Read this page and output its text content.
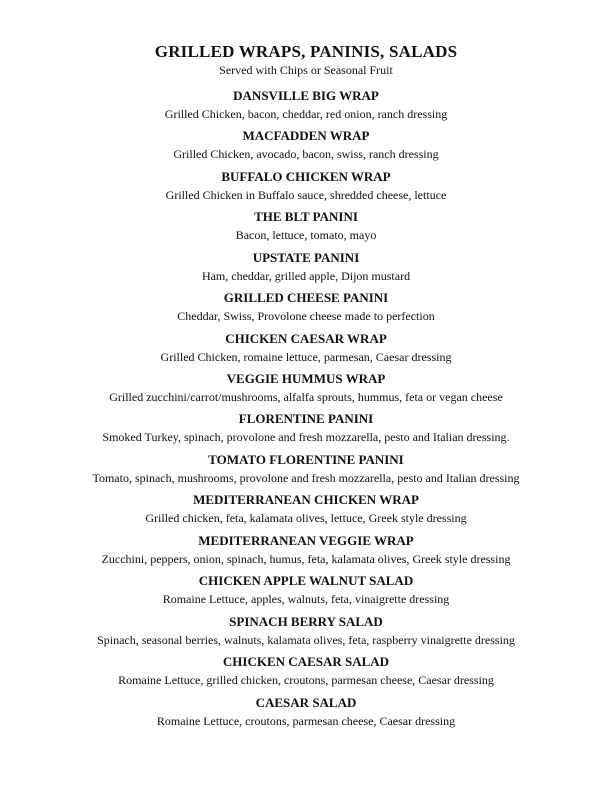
GRILLED WRAPS, PANINIS, SALADS
Served with Chips or Seasonal Fruit
DANSVILLE BIG WRAP
Grilled Chicken, bacon, cheddar, red onion, ranch dressing
MACFADDEN WRAP
Grilled Chicken, avocado, bacon, swiss, ranch dressing
BUFFALO CHICKEN WRAP
Grilled Chicken in Buffalo sauce, shredded cheese, lettuce
THE BLT PANINI
Bacon, lettuce, tomato, mayo
UPSTATE PANINI
Ham, cheddar, grilled apple, Dijon mustard
GRILLED CHEESE PANINI
Cheddar, Swiss, Provolone cheese made to perfection
CHICKEN CAESAR WRAP
Grilled Chicken, romaine lettuce, parmesan, Caesar dressing
VEGGIE HUMMUS WRAP
Grilled zucchini/carrot/mushrooms, alfalfa sprouts, hummus, feta or vegan cheese
FLORENTINE PANINI
Smoked Turkey, spinach, provolone and fresh mozzarella, pesto and Italian dressing.
TOMATO FLORENTINE PANINI
Tomato, spinach, mushrooms, provolone and fresh mozzarella, pesto and Italian dressing
MEDITERRANEAN CHICKEN WRAP
Grilled chicken, feta, kalamata olives, lettuce, Greek style dressing
MEDITERRANEAN VEGGIE WRAP
Zucchini, peppers, onion, spinach, humus, feta, kalamata olives, Greek style dressing
CHICKEN APPLE WALNUT SALAD
Romaine Lettuce, apples, walnuts, feta, vinaigrette dressing
SPINACH BERRY SALAD
Spinach, seasonal berries, walnuts, kalamata olives, feta, raspberry vinaigrette dressing
CHICKEN CAESAR SALAD
Romaine Lettuce, grilled chicken, croutons, parmesan cheese, Caesar dressing
CAESAR SALAD
Romaine Lettuce, croutons, parmesan cheese, Caesar dressing
